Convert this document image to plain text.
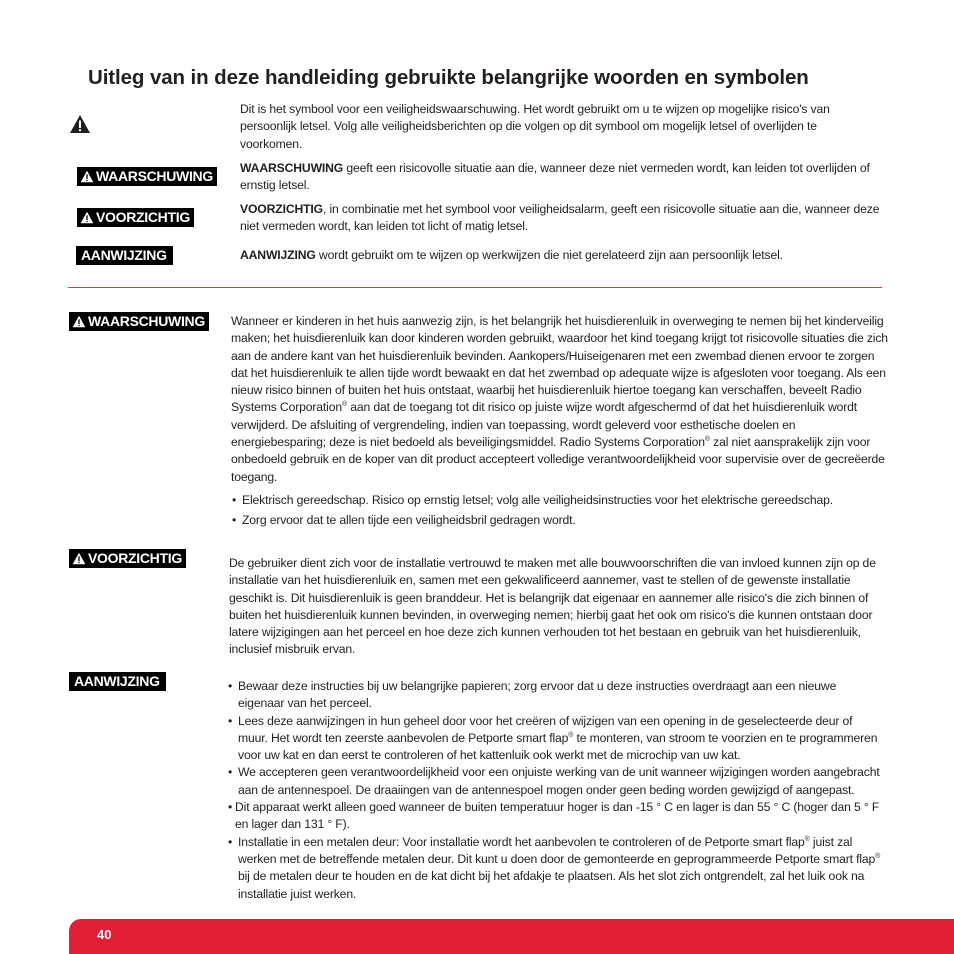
Uitleg van in deze handleiding gebruikte belangrijke woorden en symbolen
Dit is het symbool voor een veiligheidswaarschuwing. Het wordt gebruikt om u te wijzen op mogelijke risico's van persoonlijk letsel. Volg alle veiligheidsberichten op die volgen op dit symbool om mogelijk letsel of overlijden te voorkomen.
WAARSCHUWING WAARSCHUWING geeft een risicovolle situatie aan die, wanneer deze niet vermeden wordt, kan leiden tot overlijden of ernstig letsel.
VOORZICHTIG	VOORZICHTIG, in combinatie met het symbool voor veiligheidsalarm, geeft een risicovolle situatie aan die, wanneer deze niet vermeden wordt, kan leiden tot licht of matig letsel.
AANWIJZING	AANWIJZING wordt gebruikt om te wijzen op werkwijzen die niet gerelateerd zijn aan persoonlijk letsel.
WAARSCHUWING Wanneer er kinderen in het huis aanwezig zijn, is het belangrijk het huisdierenluik in overweging te nemen bij het kinderveilig maken; het huisdierenluik kan door kinderen worden gebruikt, waardoor het kind toegang krijgt tot risicovolle situaties die zich aan de andere kant van het huisdierenluik bevinden. Aankopers/Huiseigenaren met een zwembad dienen ervoor te zorgen dat het huisdierenluik te allen tijde wordt bewaakt en dat het zwembad op adequate wijze is afgesloten voor toegang. Als een nieuw risico binnen of buiten het huis ontstaat, waarbij het huisdierenluik hiertoe toegang kan verschaffen, beveelt Radio Systems Corporation® aan dat de toegang tot dit risico op juiste wijze wordt afgeschermd of dat het huisdierenluik wordt verwijderd. De afsluiting of vergrendeling, indien van toepassing, wordt geleverd voor esthetische doelen en energiebesparing; deze is niet bedoeld als beveiligingsmiddel. Radio Systems Corporation® zal niet aansprakelijk zijn voor onbedoeld gebruik en de koper van dit product accepteert volledige verantwoordelijkheid voor supervisie over de gecreëerde toegang.
• Elektrisch gereedschap. Risico op ernstig letsel; volg alle veiligheidsinstructies voor het elektrische gereedschap.
• Zorg ervoor dat te allen tijde een veiligheidsbril gedragen wordt.
VOORZICHTIG	De gebruiker dient zich voor de installatie vertrouwd te maken met alle bouwvoorschriften die van invloed kunnen zijn op de installatie van het huisdierenluik en, samen met een gekwalificeerd aannemer, vast te stellen of de gewenste installatie geschikt is. Dit huisdierenluik is geen branddeur. Het is belangrijk dat eigenaar en aannemer alle risico's die zich binnen of buiten het huisdierenluik kunnen bevinden, in overweging nemen; hierbij gaat het ook om risico's die kunnen ontstaan door latere wijzigingen aan het perceel en hoe deze zich kunnen verhouden tot het bestaan en gebruik van het huisdierenluik, inclusief misbruik ervan.
AANWIJZING
•	Bewaar deze instructies bij uw belangrijke papieren; zorg ervoor dat u deze instructies overdraagt aan een nieuwe eigenaar van het perceel.
• Lees deze aanwijzingen in hun geheel door voor het creëren of wijzigen van een opening in de geselecteerde deur of muur. Het wordt ten zeerste aanbevolen de Petporte smart flap® te monteren, van stroom te voorzien en te programmeren voor uw kat en dan eerst te controleren of het kattenluik ook werkt met de microchip van uw kat.
• We accepteren geen verantwoordelijkheid voor een onjuiste werking van de unit wanneer wijzigingen worden aangebracht aan de antennespoel. De draaiingen van de antennespoel mogen onder geen beding worden gewijzigd of aangepast.
• Dit apparaat werkt alleen goed wanneer de buiten temperatuur hoger is dan -15 ° C en lager is dan 55 ° C (hoger dan 5 ° F en lager dan 131 ° F).
• Installatie in een metalen deur: Voor installatie wordt het aanbevolen te controleren of de Petporte smart flap® juist zal werken met de betreffende metalen deur. Dit kunt u doen door de gemonteerde en geprogrammeerde Petporte smart flap® bij de metalen deur te houden en de kat dicht bij het afdakje te plaatsen. Als het slot zich ontgrendelt, zal het luik ook na installatie juist werken.
40
